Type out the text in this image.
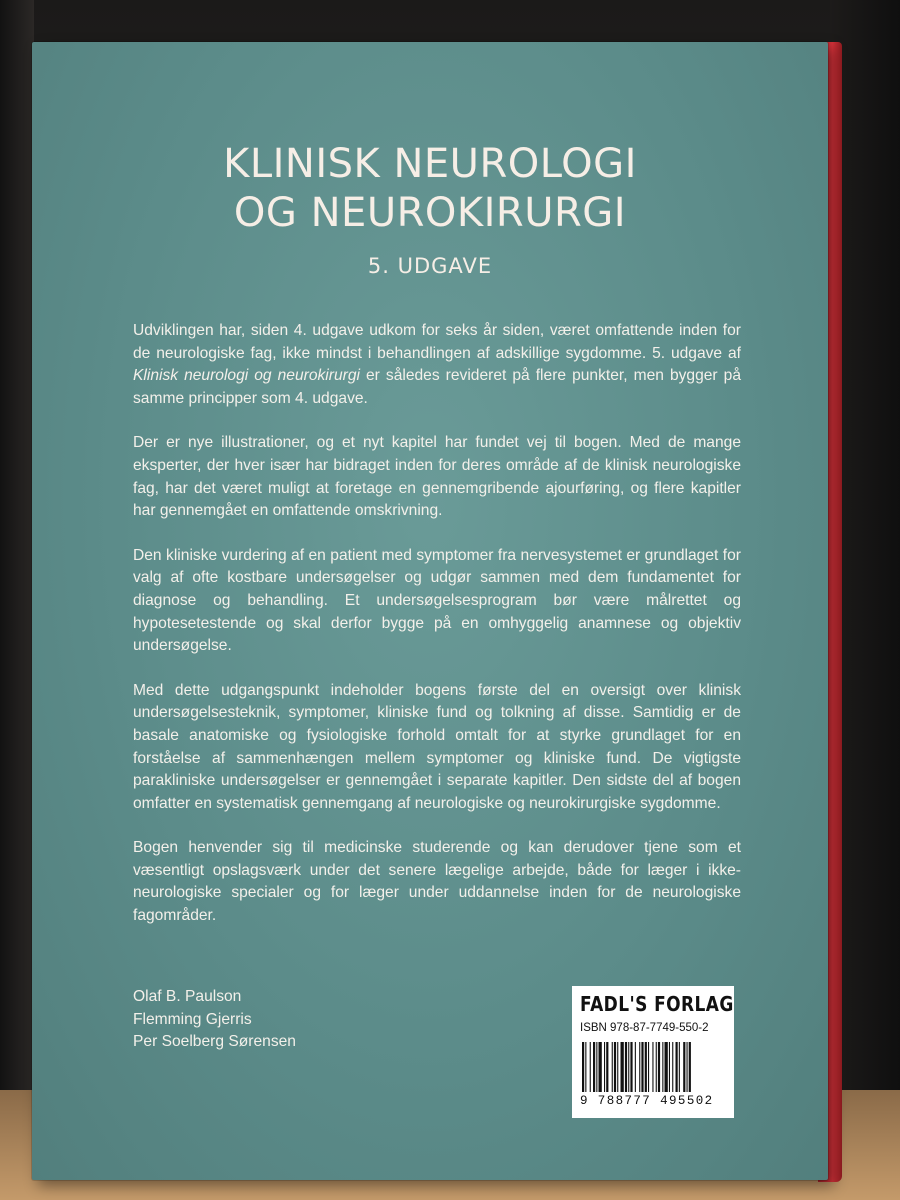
KLINISK NEUROLOGI
OG NEUROKIRURGI
5. UDGAVE

Udviklingen har, siden 4. udgave udkom for seks år siden, været omfattende inden for de neurologiske fag, ikke mindst i behandlingen af adskillige sygdomme. 5. udgave af Klinisk neurologi og neurokirurgi er således revideret på flere punkter, men bygger på samme principper som 4. udgave.

Der er nye illustrationer, og et nyt kapitel har fundet vej til bogen. Med de mange eksperter, der hver især har bidraget inden for deres område af de klinisk neurologiske fag, har det været muligt at foretage en gennemgribende ajourføring, og flere kapitler har gennemgået en omfattende omskrivning.

Den kliniske vurdering af en patient med symptomer fra nervesystemet er grundlaget for valg af ofte kostbare undersøgelser og udgør sammen med dem fundamentet for diagnose og behandling. Et undersøgelsesprogram bør være målrettet og hypotesetestende og skal derfor bygge på en omhyggelig anamnese og objektiv undersøgelse.

Med dette udgangspunkt indeholder bogens første del en oversigt over klinisk undersøgelsesteknik, symptomer, kliniske fund og tolkning af disse. Samtidig er de basale anatomiske og fysiologiske forhold omtalt for at styrke grundlaget for en forståelse af sammenhængen mellem symptomer og kliniske fund. De vigtigste parakliniske undersøgelser er gennemgået i separate kapitler. Den sidste del af bogen omfatter en systematisk gennemgang af neurologiske og neurokirurgiske sygdomme.

Bogen henvender sig til medicinske studerende og kan derudover tjene som et væsentligt opslagsværk under det senere lægelige arbejde, både for læger i ikke-neurologiske specialer og for læger under uddannelse inden for de neurologiske fagområder.

Olaf B. Paulson
Flemming Gjerris
Per Soelberg Sørensen
FADL'S FORLAG
ISBN 978-87-7749-550-2
9 788777 495502
